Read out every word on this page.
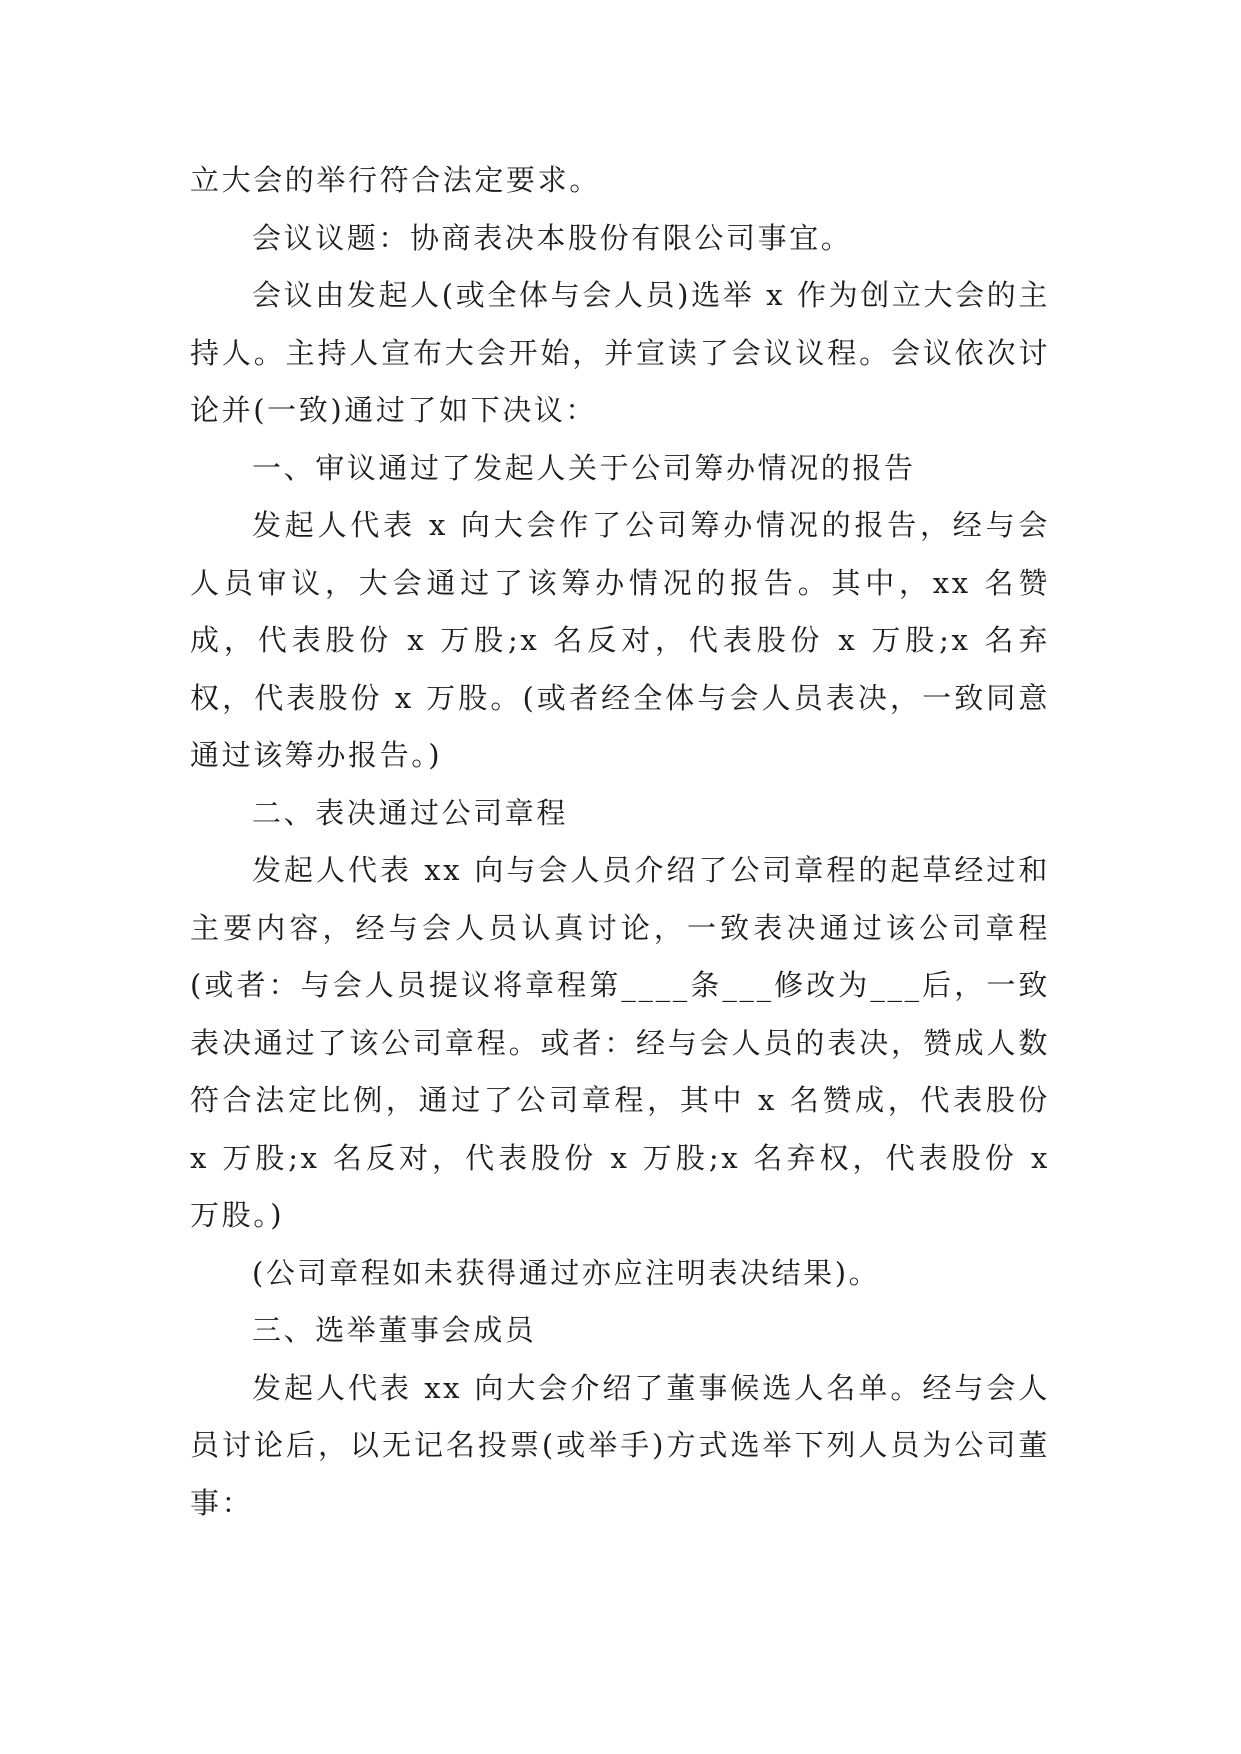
立大会的举行符合法定要求。

会议议题：协商表决本股份有限公司事宜。

会议由发起人(或全体与会人员)选举 x 作为创立大会的主持人。主持人宣布大会开始，并宣读了会议议程。会议依次讨论并(一致)通过了如下决议：

一、审议通过了发起人关于公司筹办情况的报告

发起人代表 x 向大会作了公司筹办情况的报告，经与会人员审议，大会通过了该筹办情况的报告。其中，xx 名赞成，代表股份 x 万股;x 名反对，代表股份 x 万股;x 名弃权，代表股份 x 万股。(或者经全体与会人员表决，一致同意通过该筹办报告。)

二、表决通过公司章程

发起人代表 xx 向与会人员介绍了公司章程的起草经过和主要内容，经与会人员认真讨论，一致表决通过该公司章程(或者：与会人员提议将章程第____条___修改为___后，一致表决通过了该公司章程。或者：经与会人员的表决，赞成人数符合法定比例，通过了公司章程，其中 x 名赞成，代表股份 x 万股;x 名反对，代表股份 x 万股;x 名弃权，代表股份 x 万股。)

(公司章程如未获得通过亦应注明表决结果)。

三、选举董事会成员

发起人代表 xx 向大会介绍了董事候选人名单。经与会人员讨论后，以无记名投票(或举手)方式选举下列人员为公司董事：
